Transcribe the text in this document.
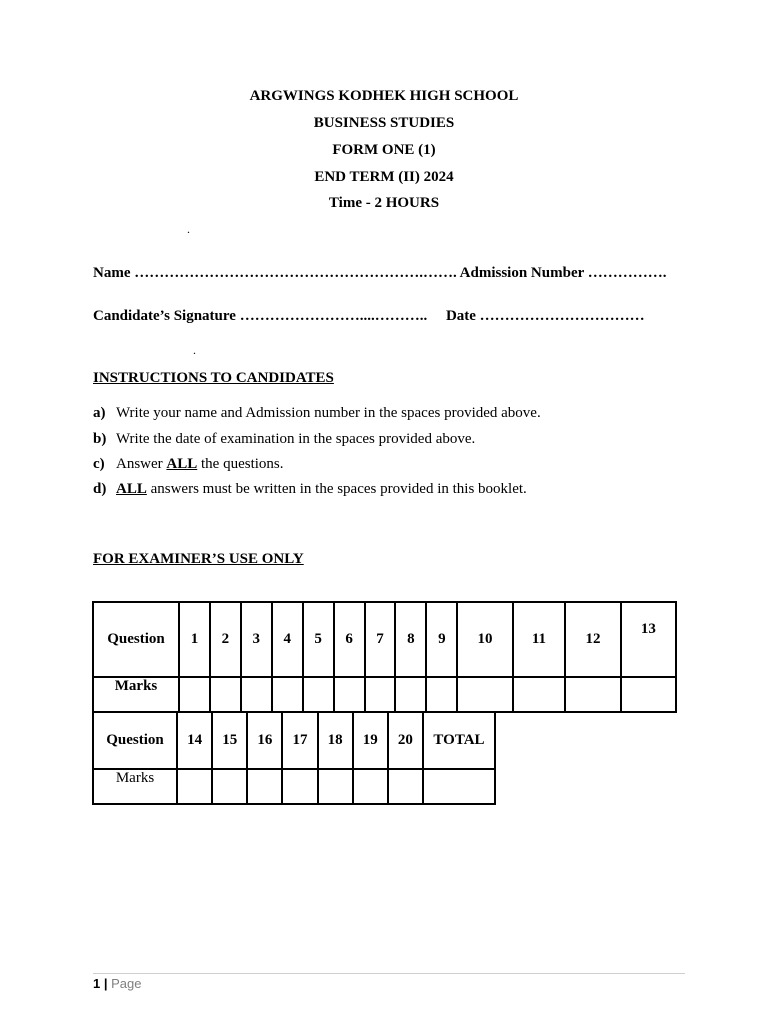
ARGWINGS KODHEK HIGH SCHOOL
BUSINESS STUDIES
FORM ONE (1)
END TERM (II) 2024
Time - 2 HOURS
.
Name ………………………………………………….……. Admission Number …………….
Candidate’s Signature ……………………....………..     Date ……………………………
.
INSTRUCTIONS TO CANDIDATES
a) Write your name and Admission number in the spaces provided above.
b) Write the date of examination in the spaces provided above.
c) Answer ALL the questions.
d) ALL answers must be written in the spaces provided in this booklet.
FOR EXAMINER’S USE ONLY
Question	1	2	3	4	5	6	7	8	9	10	11	12	13
Marks													
Question	14	15	16	17	18	19	20	TOTAL
Marks								
1 | Page
